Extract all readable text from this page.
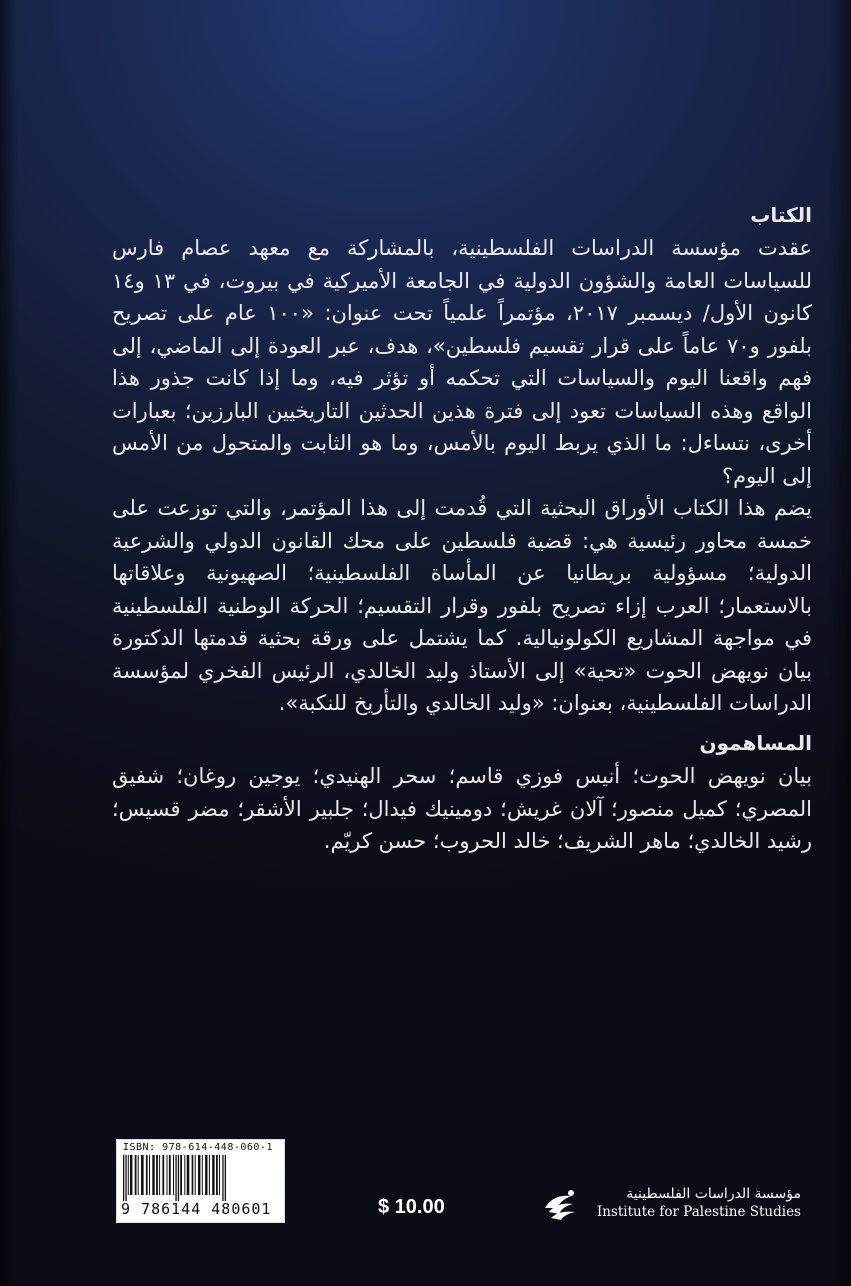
الكتاب

عقدت مؤسسة الدراسات الفلسطينية، بالمشاركة مع معهد عصام فارس للسياسات العامة والشؤون الدولية في الجامعة الأميركية في بيروت، في ١٣ و١٤ كانون الأول/ ديسمبر ٢٠١٧، مؤتمراً علمياً تحت عنوان: «١٠٠ عام على تصريح بلفور و٧٠ عاماً على قرار تقسيم فلسطين»، هدف، عبر العودة إلى الماضي، إلى فهم واقعنا اليوم والسياسات التي تحكمه أو تؤثر فيه، وما إذا كانت جذور هذا الواقع وهذه السياسات تعود إلى فترة هذين الحدثين التاريخيين البارزين؛ بعبارات أخرى، نتساءل: ما الذي يربط اليوم بالأمس، وما هو الثابت والمتحول من الأمس إلى اليوم؟

يضم هذا الكتاب الأوراق البحثية التي قُدمت إلى هذا المؤتمر، والتي توزعت على خمسة محاور رئيسية هي: قضية فلسطين على محك القانون الدولي والشرعية الدولية؛ مسؤولية بريطانيا عن المأساة الفلسطينية؛ الصهيونية وعلاقاتها بالاستعمار؛ العرب إزاء تصريح بلفور وقرار التقسيم؛ الحركة الوطنية الفلسطينية في مواجهة المشاريع الكولونيالية. كما يشتمل على ورقة بحثية قدمتها الدكتورة بيان نويهض الحوت «تحية» إلى الأستاذ وليد الخالدي، الرئيس الفخري لمؤسسة الدراسات الفلسطينية، بعنوان: «وليد الخالدي والتأريخ للنكبة».

المساهمون

بيان نويهض الحوت؛ أنيس فوزي قاسم؛ سحر الهنيدي؛ يوجين روغان؛ شفيق المصري؛ كميل منصور؛ آلان غريش؛ دومينيك فيدال؛ جلبير الأشقر؛ مضر قسيس؛ رشيد الخالدي؛ ماهر الشريف؛ خالد الحروب؛ حسن كريّم.

ISBN: 978-614-448-060-1
9 786144 480601	$ 10.00
مؤسسة الدراسات الفلسطينية
Institute for Palestine Studies
